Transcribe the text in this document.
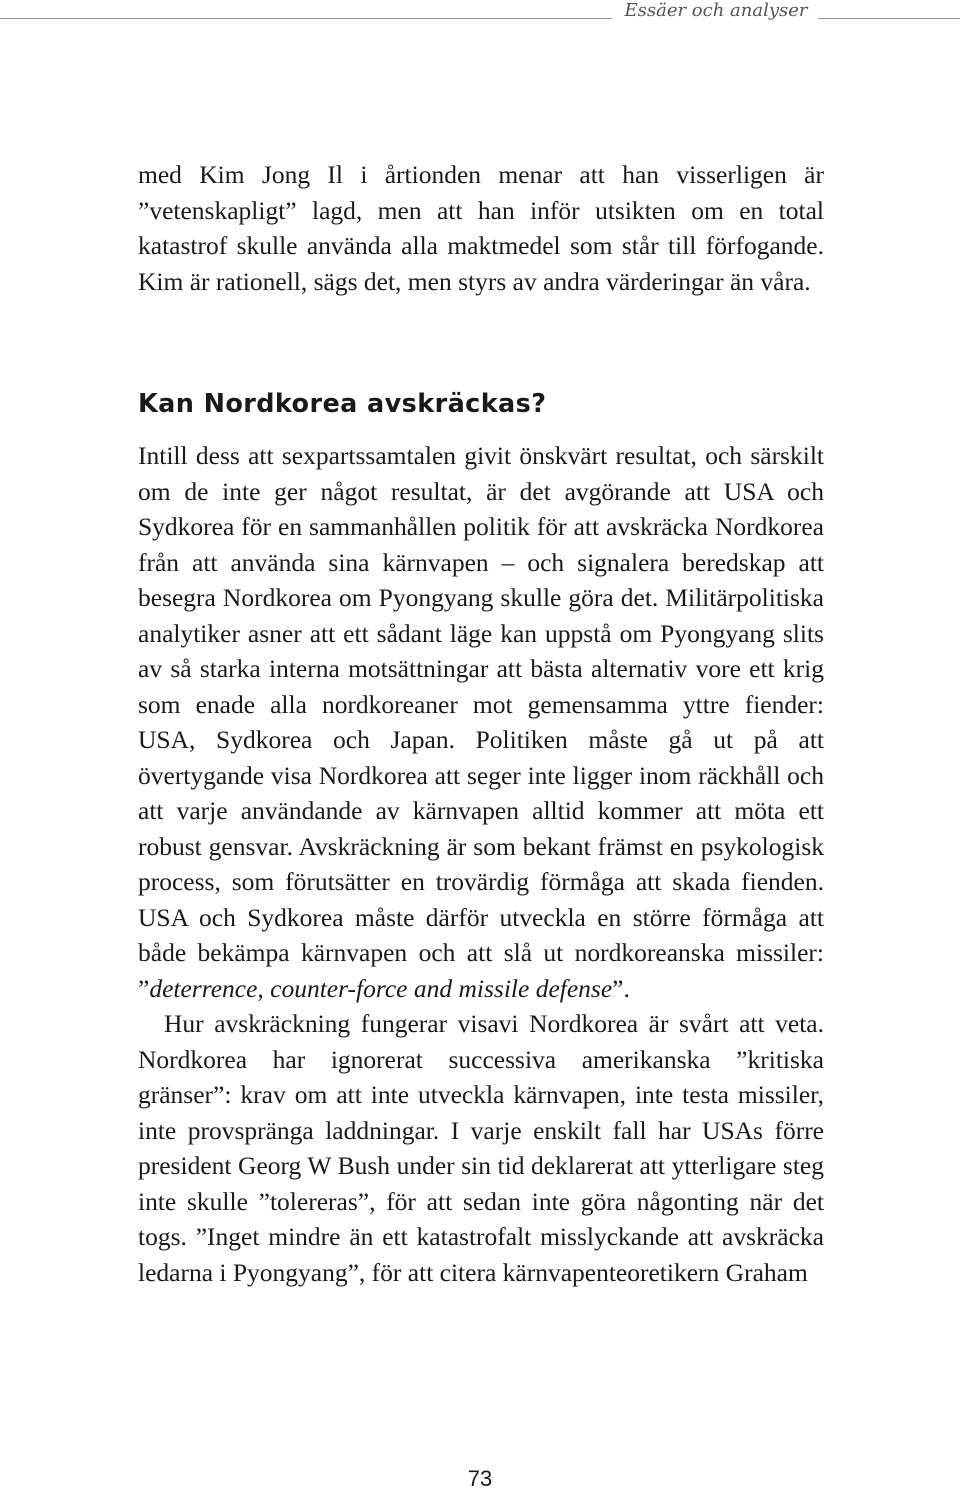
Essäer och analyser

med Kim Jong Il i årtionden menar att han visserligen är ”vetenskapligt” lagd, men att han inför utsikten om en total katastrof skulle använda alla maktmedel som står till förfogande. Kim är rationell, sägs det, men styrs av andra värderingar än våra.

Kan Nordkorea avskräckas?

Intill dess att sexpartssamtalen givit önskvärt resultat, och särskilt om de inte ger något resultat, är det avgörande att USA och Sydkorea för en sammanhållen politik för att avskräcka Nordkorea från att använda sina kärnvapen – och signalera beredskap att besegra Nordkorea om Pyongyang skulle göra det. Militärpolitiska analytiker asner att ett sådant läge kan uppstå om Pyongyang slits av så starka interna motsättningar att bästa alternativ vore ett krig som enade alla nordkoreaner mot gemensamma yttre fiender: USA, Sydkorea och Japan. Politiken måste gå ut på att övertygande visa Nordkorea att seger inte ligger inom räckhåll och att varje användande av kärnvapen alltid kommer att möta ett robust gensvar. Avskräckning är som bekant främst en psykologisk process, som förutsätter en trovärdig förmåga att skada fienden. USA och Sydkorea måste därför utveckla en större förmåga att både bekämpa kärnvapen och att slå ut nordkoreanska missiler: ”deterrence, counter-force and missile defense”.

Hur avskräckning fungerar visavi Nordkorea är svårt att veta. Nordkorea har ignorerat successiva amerikanska ”kritiska gränser”: krav om att inte utveckla kärnvapen, inte testa missiler, inte provspränga laddningar. I varje enskilt fall har USAs förre president Georg W Bush under sin tid deklarerat att ytterligare steg inte skulle ”tolereras”, för att sedan inte göra någonting när det togs. ”Inget mindre än ett katastrofalt misslyckande att avskräcka ledarna i Pyongyang”, för att citera kärnvapenteoretikern Graham

73
